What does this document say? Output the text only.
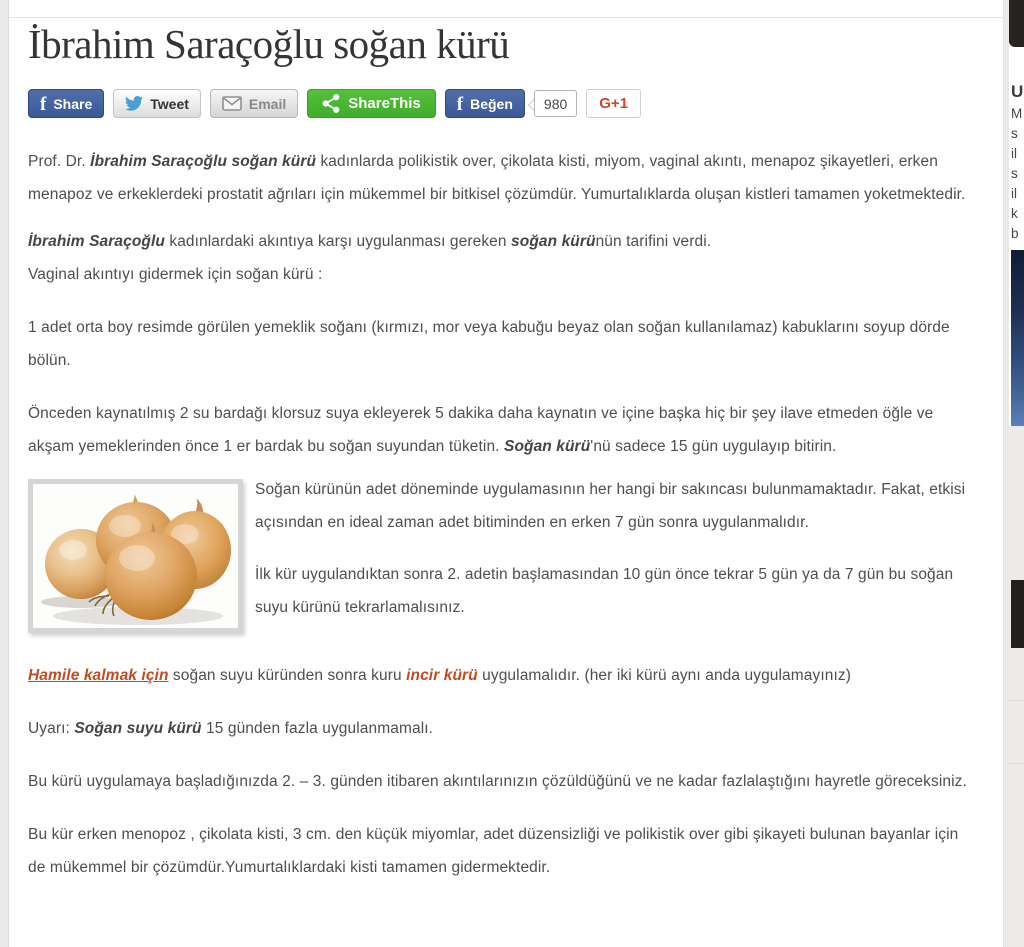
İbrahim Saraçoğlu soğan kürü
f Share	Tweet	Email	ShareThis f Beğen 980 G+1

Prof. Dr. İbrahim Saraçoğlu soğan kürü kadınlarda polikistik over, çikolata kisti, miyom, vaginal akıntı, menapoz şikayetleri, erken menapoz ve erkeklerdeki prostatit ağrıları için mükemmel bir bitkisel çözümdür. Yumurtalıklarda oluşan kistleri tamamen yoketmektedir.

İbrahim Saraçoğlu kadınlardaki akıntıya karşı uygulanması gereken soğan kürünün tarifini verdi.

Vaginal akıntıyı gidermek için soğan kürü :

1 adet orta boy resimde görülen yemeklik soğanı (kırmızı, mor veya kabuğu beyaz olan soğan kullanılamaz) kabuklarını soyup dörde bölün.

Önceden kaynatılmış 2 su bardağı klorsuz suya ekleyerek 5 dakika daha kaynatın ve içine başka hiç bir şey ilave etmeden öğle ve akşam yemeklerinden önce 1 er bardak bu soğan suyundan tüketin. Soğan kürü'nü sadece 15 gün uygulayıp bitirin.

Soğan kürünün adet döneminde uygulamasının her hangi bir sakıncası bulunmamaktadır. Fakat, etkisi açısından en ideal zaman adet bitiminden en erken 7 gün sonra uygulanmalıdır.

İlk kür uygulandıktan sonra 2. adetin başlamasından 10 gün önce tekrar 5 gün ya da 7 gün bu soğan suyu kürünü tekrarlamalısınız.

Hamile kalmak için soğan suyu küründen sonra kuru incir kürü uygulamalıdır. (her iki kürü aynı anda uygulamayınız)

Uyarı: Soğan suyu kürü 15 günden fazla uygulanmamalı.

Bu kürü uygulamaya başladığınızda 2. – 3. günden itibaren akıntılarınızın çözüldüğünü ve ne kadar fazlalaştığını hayretle göreceksiniz.

Bu kür erken menopoz , çikolata kisti, 3 cm. den küçük miyomlar, adet düzensizliği ve polikistik over gibi şikayeti bulunan bayanlar için de mükemmel bir çözümdür.Yumurtalıklardaki kisti tamamen gidermektedir.

U
M
s
il
s
il
k
b
